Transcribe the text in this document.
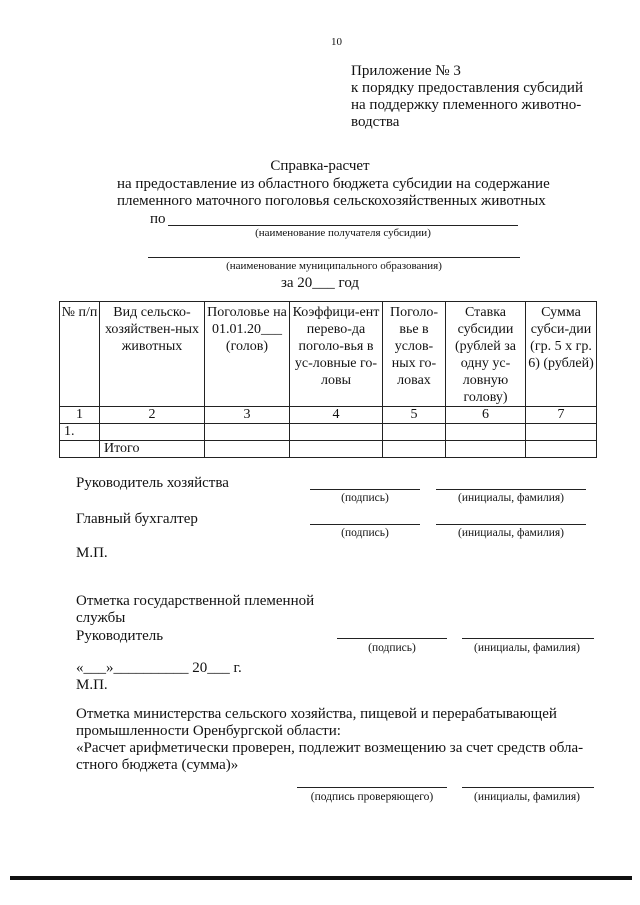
10
Приложение № 3
к порядку предоставления субсидий
на поддержку племенного животно-
водства
Справка-расчет
на предоставление из областного бюджета субсидии на содержание
племенного маточного поголовья сельскохозяйственных животных
по
(наименование получателя субсидии)
(наименование муниципального образования)
за 20___ год
№ п/п	Вид сельско-хозяйствен-ных животных	Поголовье на 01.01.20___ (голов)	Коэффици-ент перево-да поголо-вья в ус-ловные го-ловы	Поголо-вье в услов-ных го-ловах	Ставка субсидии (рублей за одну ус-ловную голову)	Сумма субси-дии (гр. 5 х гр. 6) (рублей)
1	2	3	4	5	6	7
1.						
	Итого					
Руководитель хозяйства
(подпись)	(инициалы, фамилия)
Главный бухгалтер
(подпись)	(инициалы, фамилия)
М.П.
Отметка государственной племенной
службы
Руководитель
(подпись)	(инициалы, фамилия)
«___»__________ 20___ г.
М.П.
Отметка министерства сельского хозяйства, пищевой и перерабатывающей
промышленности Оренбургской области:
«Расчет арифметически проверен, подлежит возмещению за счет средств обла-
стного бюджета (сумма)»
(подпись проверяющего)	(инициалы, фамилия)
